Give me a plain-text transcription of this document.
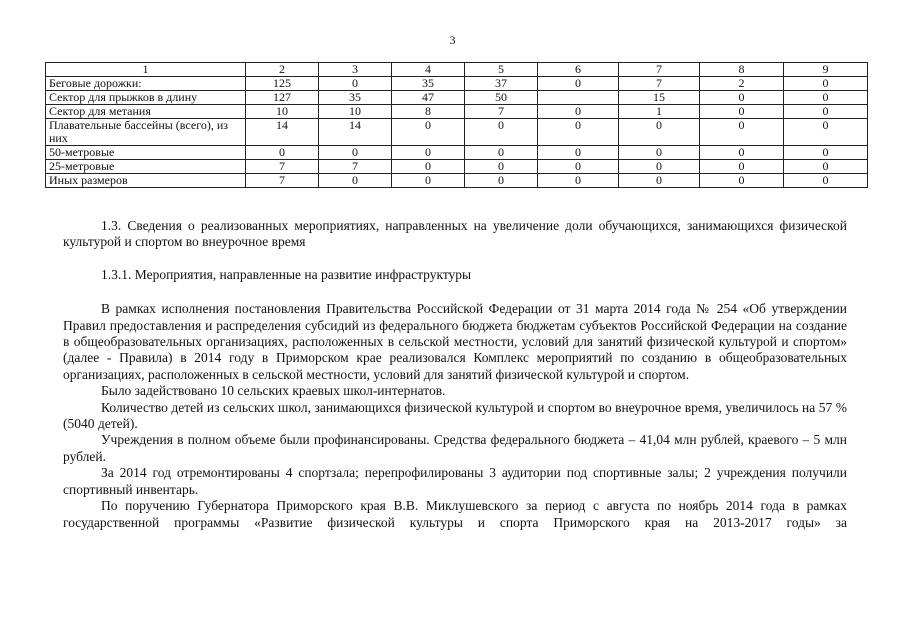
3
1	2	3	4	5	6	7	8	9
Беговые дорожки:	125	0	35	37	0	7	2	0
Сектор для прыжков в длину	127	35	47	50		15	0	0
Сектор для метания	10	10	8	7	0	1	0	0
Плавательные бассейны (всего), из них	14	14	0	0	0	0	0	0
50-метровые	0	0	0	0	0	0	0	0
25-метровые	7	7	0	0	0	0	0	0
Иных размеров	7	0	0	0	0	0	0	0

1.3. Сведения о реализованных мероприятиях, направленных на увеличение доли обучающихся, занимающихся физической культурой и спортом во внеурочное время

1.3.1. Мероприятия, направленные на развитие инфраструктуры

В рамках исполнения постановления Правительства Российской Федерации от 31 марта 2014 года № 254 «Об утверждении Правил предоставления и распределения субсидий из федерального бюджета бюджетам субъектов Российской Федерации на создание в общеобразовательных организациях, расположенных в сельской местности, условий для занятий физической культурой и спортом» (далее - Правила) в 2014 году в Приморском крае реализовался Комплекс мероприятий по созданию в общеобразовательных организациях, расположенных в сельской местности, условий для занятий физической культурой и спортом.

Было задействовано 10 сельских краевых школ-интернатов.

Количество детей из сельских школ, занимающихся физической культурой и спортом во внеурочное время, увеличилось на 57 % (5040 детей).

Учреждения в полном объеме были профинансированы. Средства федерального бюджета – 41,04 млн рублей, краевого – 5 млн рублей.

За 2014 год отремонтированы 4 спортзала; перепрофилированы 3 аудитории под спортивные залы; 2 учреждения получили спортивный инвентарь.

По поручению Губернатора Приморского края В.В. Миклушевского за период с августа по ноябрь 2014 года в рамках государственной программы «Развитие физической культуры и спорта Приморского края на 2013-2017 годы» за
